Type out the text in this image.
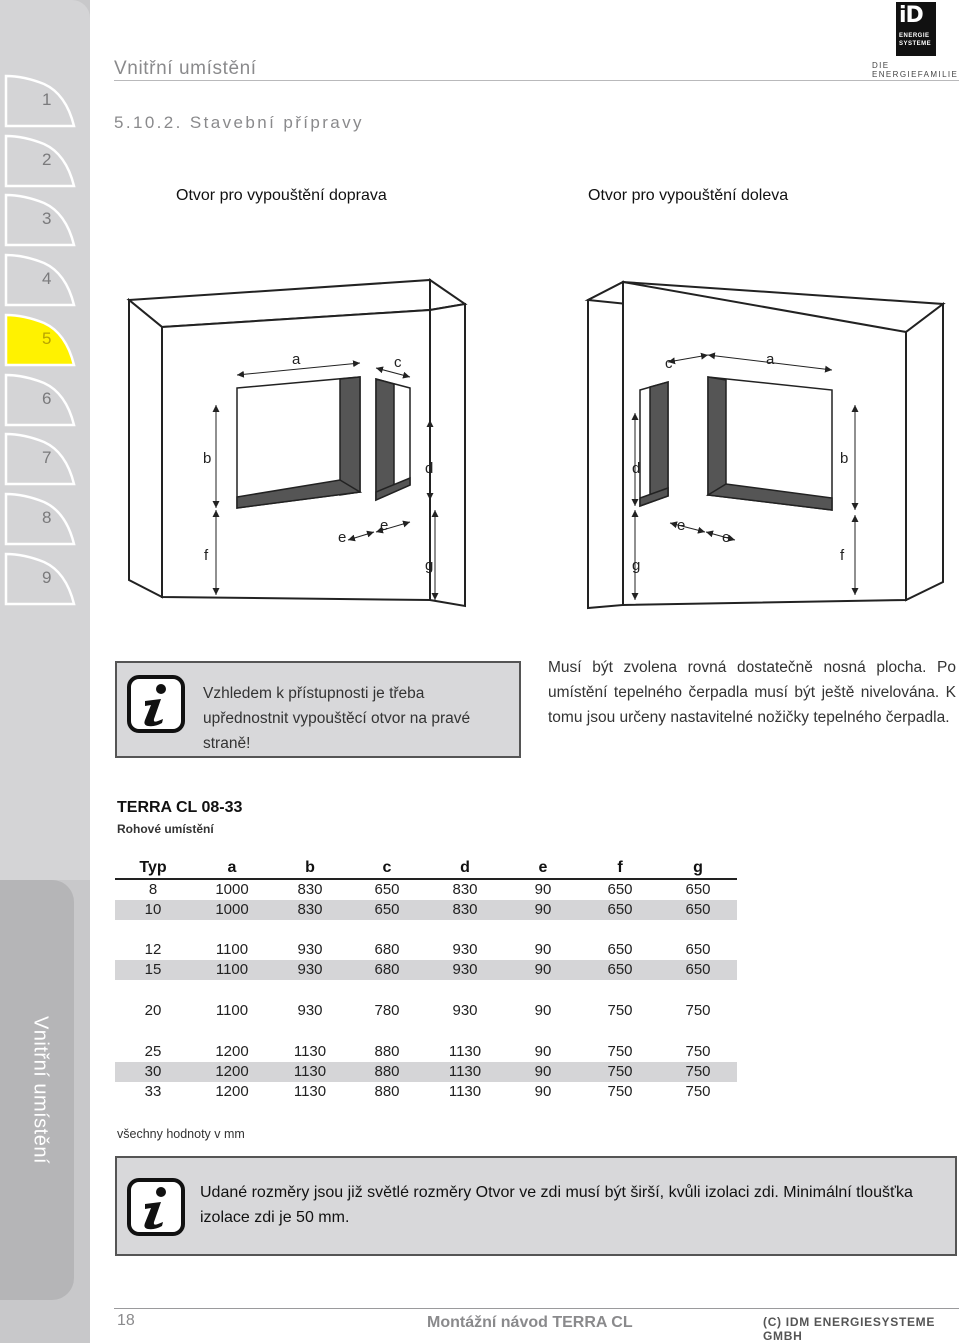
1
2
3
4
5
6
7
8
9
Vnitřní umístění
Vnitřní umístění
iD
ENERGIE
SYSTEME
DIE ENERGIEFAMILIE
5.10.2. Stavební přípravy
Otvor pro vypouštění doprava	Otvor pro vypouštění doleva
a	c
b
d
e
e
f
g
c	a
d
b
e
e
g
f
Vzhledem k přístupnosti je třeba upřednostnit vypouštěcí otvor na pravé straně!
Musí být zvolena rovná dostatečně nosná plocha. Po umístění tepelného čerpadla musí být ještě nivelována. K tomu jsou určeny nastavitelné nožičky tepelného čerpadla.
TERRA CL 08-33
Rohové umístění
Typ	a	b	c	d	e	f	g
8	1000	830	650	830	90	650	650
10	1000	830	650	830	90	650	650
12	1100	930	680	930	90	650	650
15	1100	930	680	930	90	650	650
20	1100	930	780	930	90	750	750
25	1200	1130	880	1130	90	750	750
30	1200	1130	880	1130	90	750	750
33	1200	1130	880	1130	90	750	750
všechny hodnoty v mm
Udané rozměry jsou již světlé rozměry Otvor ve zdi musí být širší, kvůli izolaci zdi. Minimální tloušťka izolace zdi je 50 mm.
18	Montážní návod TERRA CL	(C) IDM ENERGIESYSTEME GMBH
